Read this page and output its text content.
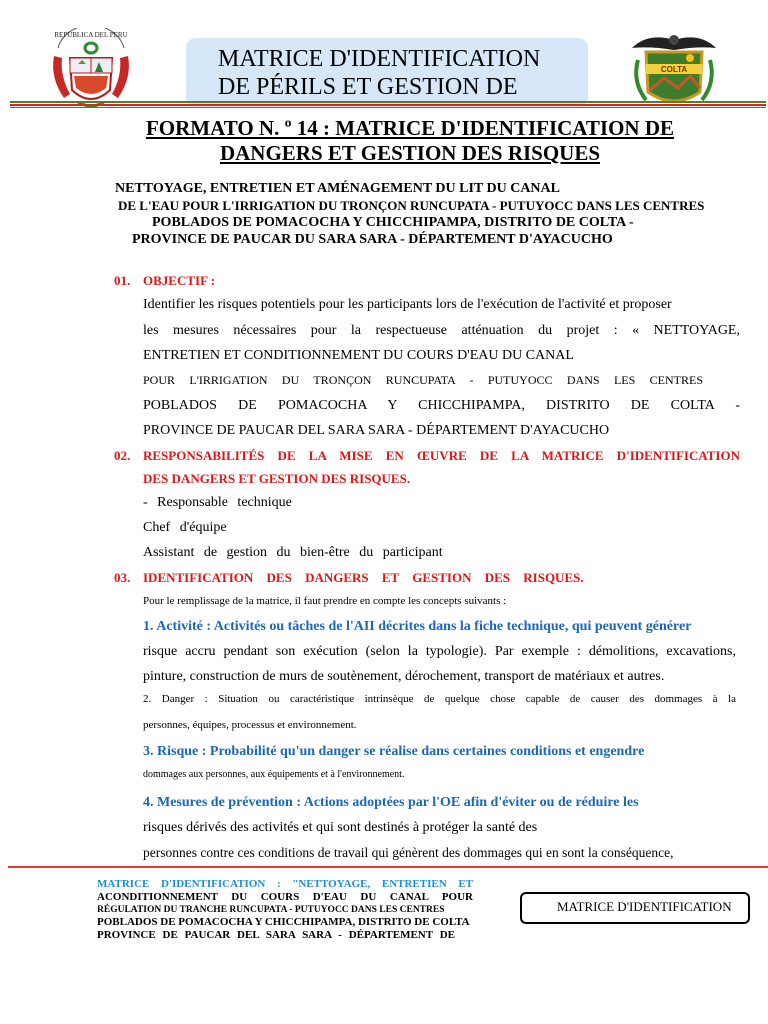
REPUBLICA DEL PERU
MATRICE D'IDENTIFICATION
DE PÉRILS ET GESTION DE
COLTA
FORMATO N. º 14 : MATRICE D'IDENTIFICATION DE
DANGERS ET GESTION DES RISQUES
NETTOYAGE, ENTRETIEN ET AMÉNAGEMENT DU LIT DU CANAL
DE L'EAU POUR L'IRRIGATION DU TRONÇON RUNCUPATA - PUTUYOCC DANS LES CENTRES
POBLADOS DE POMACOCHA Y CHICCHIPAMPA, DISTRITO DE COLTA -
PROVINCE DE PAUCAR DU SARA SARA - DÉPARTEMENT D'AYACUCHO
01. OBJECTIF :
Identifier les risques potentiels pour les participants lors de l'exécution de l'activité et proposer
les mesures nécessaires pour la respectueuse atténuation du projet : « NETTOYAGE,
ENTRETIEN ET CONDITIONNEMENT DU COURS D'EAU DU CANAL
POUR L'IRRIGATION DU TRONÇON RUNCUPATA - PUTUYOCC DANS LES CENTRES
POBLADOS DE POMACOCHA Y CHICCHIPAMPA, DISTRITO DE COLTA -
PROVINCE DE PAUCAR DEL SARA SARA - DÉPARTEMENT D'AYACUCHO
02. RESPONSABILITÉS DE LA MISE EN ŒUVRE DE LA MATRICE D'IDENTIFICATION
DES DANGERS ET GESTION DES RISQUES.
- Responsable technique
Chef d'équipe
Assistant de gestion du bien-être du participant
03. IDENTIFICATION DES DANGERS ET GESTION DES RISQUES.
Pour le remplissage de la matrice, il faut prendre en compte les concepts suivants :
1. Activité : Activités ou tâches de l'AII décrites dans la fiche technique, qui peuvent générer
risque accru pendant son exécution (selon la typologie). Par exemple : démolitions, excavations,
pinture, construction de murs de soutènement, dérochement, transport de matériaux et autres.
2. Danger : Situation ou caractéristique intrinsèque de quelque chose capable de causer des dommages à la
personnes, équipes, processus et environnement.
3. Risque : Probabilité qu'un danger se réalise dans certaines conditions et engendre
dommages aux personnes, aux équipements et à l'environnement.
4. Mesures de prévention : Actions adoptées par l'OE afin d'éviter ou de réduire les
risques dérivés des activités et qui sont destinés à protéger la santé des
personnes contre ces conditions de travail qui génèrent des dommages qui en sont la conséquence,
MATRICE D'IDENTIFICATION : "NETTOYAGE, ENTRETIEN ET
ACONDITIONNEMENT DU COURS D'EAU DU CANAL POUR
RÉGULATION DU TRANCHE RUNCUPATA - PUTUYOCC DANS LES CENTRES
POBLADOS DE POMACOCHA Y CHICCHIPAMPA, DISTRITO DE COLTA
PROVINCE DE PAUCAR DEL SARA SARA - DÉPARTEMENT DE
MATRICE D'IDENTIFICATION
